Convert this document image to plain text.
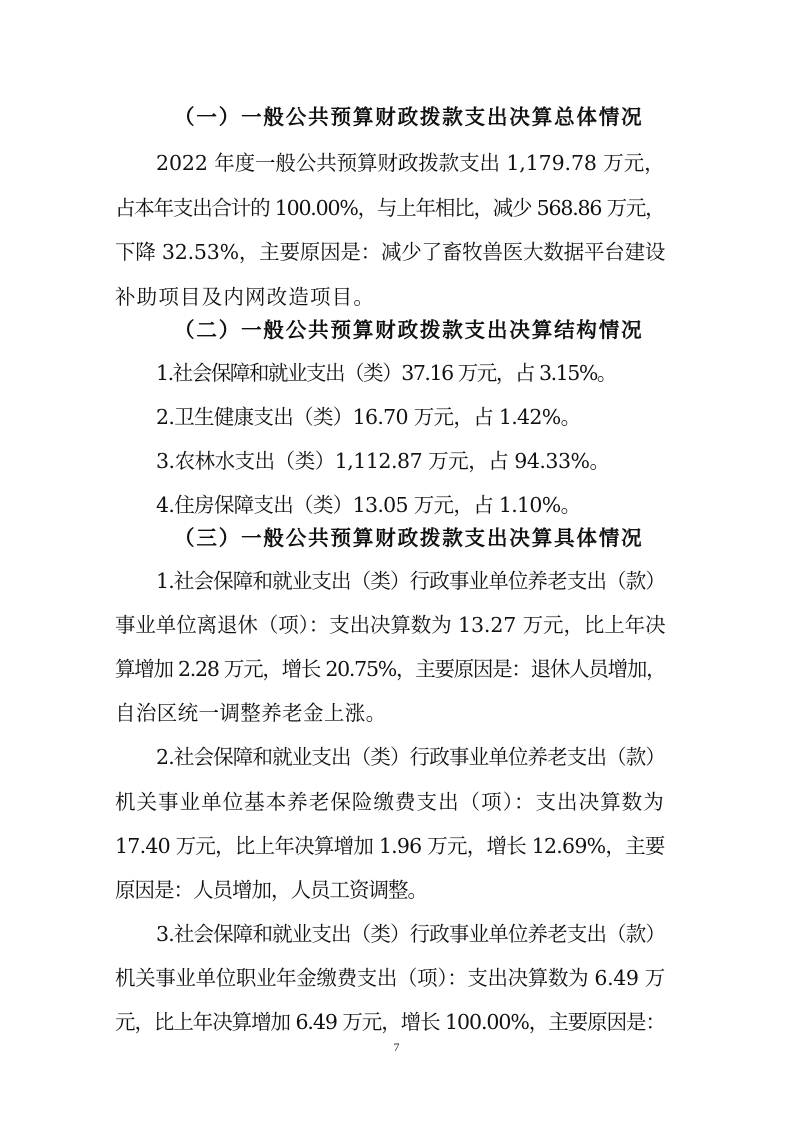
（一）一般公共预算财政拨款支出决算总体情况
2022 年度一般公共预算财政拨款支出 1,179.78 万元，
占本年支出合计的 100.00%，与上年相比，减少 568.86 万元，
下降 32.53%，主要原因是：减少了畜牧兽医大数据平台建设
补助项目及内网改造项目。
（二）一般公共预算财政拨款支出决算结构情况
1.社会保障和就业支出（类）37.16 万元，占 3.15%。
2.卫生健康支出（类）16.70 万元，占 1.42%。
3.农林水支出（类）1,112.87 万元，占 94.33%。
4.住房保障支出（类）13.05 万元，占 1.10%。
（三）一般公共预算财政拨款支出决算具体情况
1.社会保障和就业支出（类）行政事业单位养老支出（款）
事业单位离退休（项）：支出决算数为 13.27 万元，比上年决
算增加 2.28 万元，增长 20.75%，主要原因是：退休人员增加，
自治区统一调整养老金上涨。
2.社会保障和就业支出（类）行政事业单位养老支出（款）
机关事业单位基本养老保险缴费支出（项）：支出决算数为
17.40 万元，比上年决算增加 1.96 万元，增长 12.69%，主要
原因是：人员增加，人员工资调整。
3.社会保障和就业支出（类）行政事业单位养老支出（款）
机关事业单位职业年金缴费支出（项）：支出决算数为 6.49 万
元，比上年决算增加 6.49 万元，增长 100.00%，主要原因是：
7
